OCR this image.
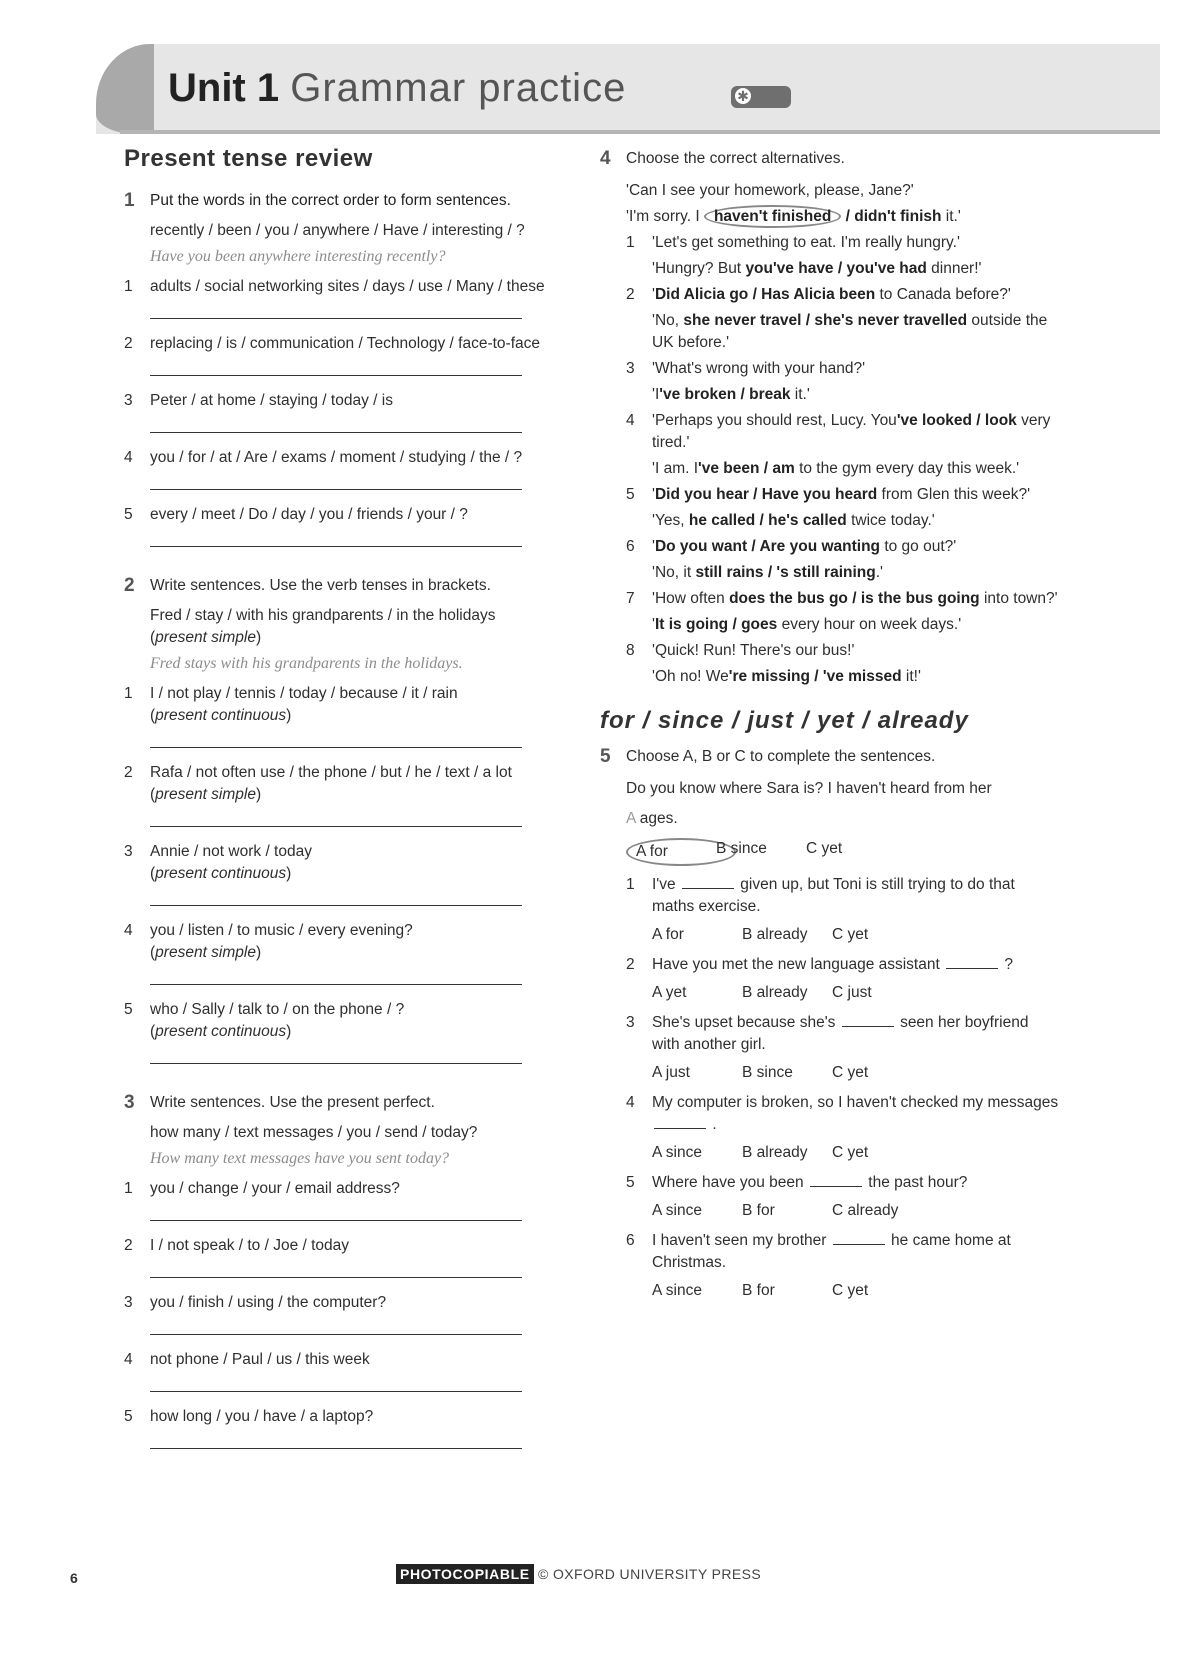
Unit 1 Grammar practice	✱
Present tense review
1 Put the words in the correct order to form sentences.

recently / been / you / anywhere / Have / interesting / ?

Have you been anywhere interesting recently?

1 adults / social networking sites / days / use / Many / these
2 replacing / is / communication / Technology / face-to-face
3 Peter / at home / staying / today / is
4 you / for / at / Are / exams / moment / studying / the / ?
5 every / meet / Do / day / you / friends / your / ?
2 Write sentences. Use the verb tenses in brackets.

Fred / stay / with his grandparents / in the holidays
(present simple)

Fred stays with his grandparents in the holidays.

1 I / not play / tennis / today / because / it / rain
(present continuous)
2 Rafa / not often use / the phone / but / he / text / a lot
(present simple)
3 Annie / not work / today
(present continuous)
4 you / listen / to music / every evening?
(present simple)
5 who / Sally / talk to / on the phone / ?
(present continuous)
3 Write sentences. Use the present perfect.

how many / text messages / you / send / today?

How many text messages have you sent today?

1 you / change / your / email address?
2 I / not speak / to / Joe / today
3 you / finish / using / the computer?
4 not phone / Paul / us / this week
5 how long / you / have / a laptop?
4 Choose the correct alternatives.

'Can I see your homework, please, Jane?'

'I'm sorry. I haven't finished / didn't finish it.'

1 'Let's get something to eat. I'm really hungry.'
'Hungry? But you've have / you've had dinner!'
2 'Did Alicia go / Has Alicia been to Canada before?'
'No, she never travel / she's never travelled outside the UK before.'
3 'What's wrong with your hand?'
'I've broken / break it.'
4 'Perhaps you should rest, Lucy. You've looked / look very tired.'
'I am. I've been / am to the gym every day this week.'
5 'Did you hear / Have you heard from Glen this week?'
'Yes, he called / he's called twice today.'
6 'Do you want / Are you wanting to go out?'
'No, it still rains / 's still raining.'
7 'How often does the bus go / is the bus going into town?'
'It is going / goes every hour on week days.'
8 'Quick! Run! There's our bus!'
'Oh no! We're missing / 've missed it!'
for / since / just / yet / already
5 Choose A, B or C to complete the sentences.

Do you know where Sara is? I haven't heard from her

A ages.

A for	B since	C yet
1 I've	given up, but Toni is still trying to do that maths exercise.
A for	B already	C yet
2 Have you met the new language assistant	?
A yet	B already	C just
3 She's upset because she's	seen her boyfriend with another girl.
A just	B since	C yet
4 My computer is broken, so I haven't checked my messages  .
A since	B already	C yet
5 Where have you been	the past hour?
A since	B for	C already
6 I haven't seen my brother	he came home at Christmas.
A since	B for	C yet
6	PHOTOCOPIABLE © OXFORD UNIVERSITY PRESS
